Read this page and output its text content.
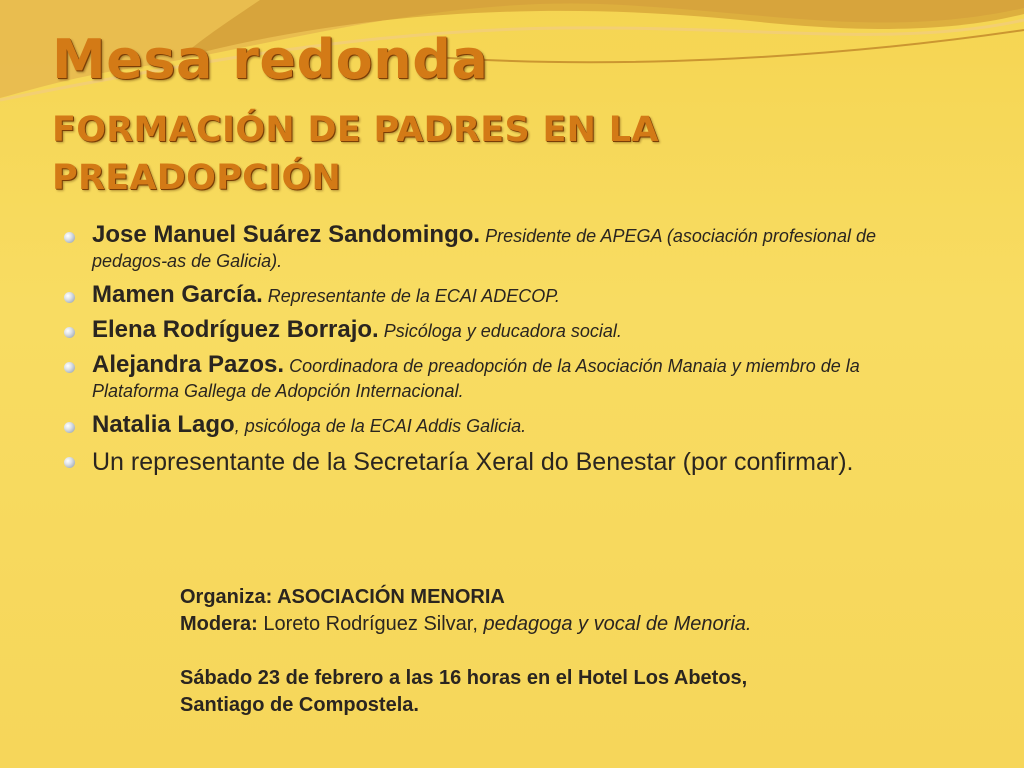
Mesa redonda
FORMACIÓN DE PADRES EN LA PREADOPCIÓN
Jose Manuel Suárez Sandomingo. Presidente de APEGA (asociación profesional de pedagos-as de Galicia).
Mamen García. Representante de la ECAI ADECOP.
Elena Rodríguez Borrajo. Psicóloga y educadora social.
Alejandra Pazos. Coordinadora de preadopción de la Asociación Manaia y miembro de la Plataforma Gallega de Adopción Internacional.
Natalia Lago, psicóloga de la ECAI Addis Galicia.
Un representante de la Secretaría Xeral do Benestar (por confirmar).
Organiza: ASOCIACIÓN MENORIA
Modera: Loreto Rodríguez Silvar, pedagoga y vocal de Menoria.
Sábado 23 de febrero a las 16 horas en el Hotel Los Abetos,
Santiago de Compostela.
